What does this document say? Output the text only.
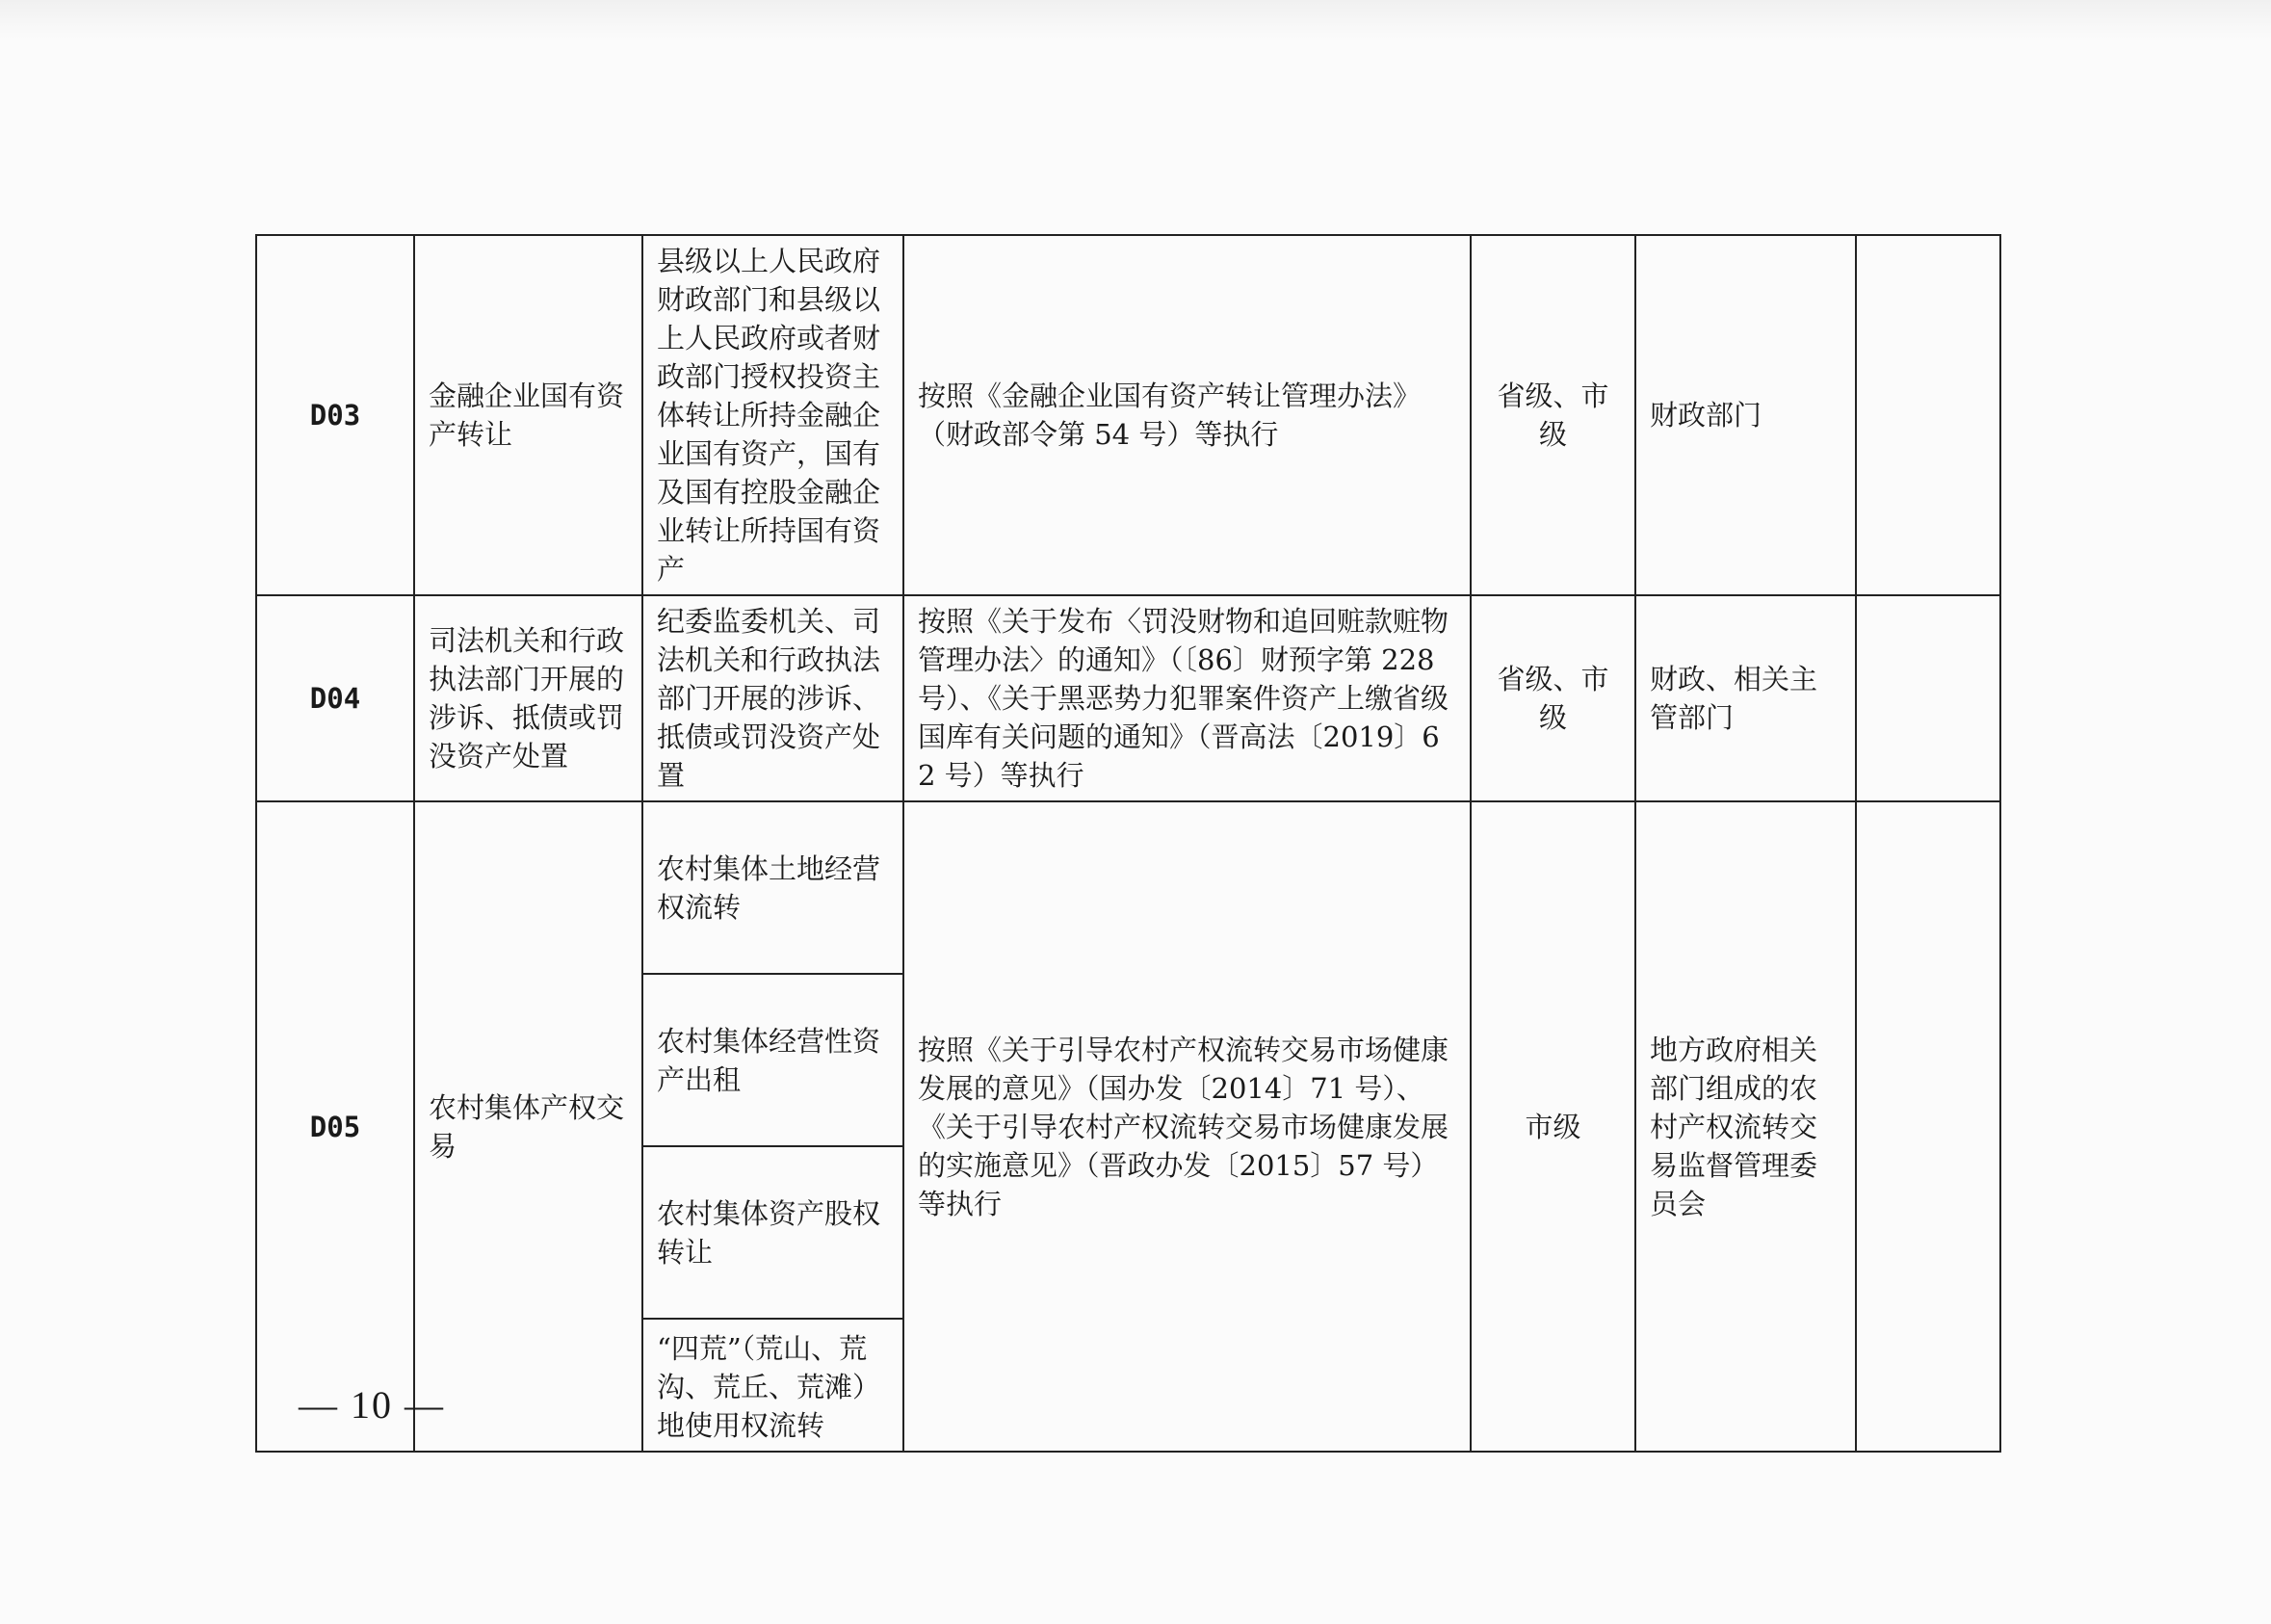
D03	金融企业国有资产转让	县级以上人民政府财政部门和县级以上人民政府或者财政部门授权投资主体转让所持金融企业国有资产，国有及国有控股金融企业转让所持国有资产	按照《金融企业国有资产转让管理办法》（财政部令第 54 号）等执行	省级、市级	财政部门	
D04	司法机关和行政执法部门开展的涉诉、抵债或罚没资产处置	纪委监委机关、司法机关和行政执法部门开展的涉诉、抵债或罚没资产处置	按照《关于发布〈罚没财物和追回赃款赃物管理办法〉的通知》（〔86〕财预字第 228 号）、《关于黑恶势力犯罪案件资产上缴省级国库有关问题的通知》（晋高法〔2019〕62 号）等执行	省级、市级	财政、相关主管部门	
D05	农村集体产权交易	农村集体土地经营权流转	按照《关于引导农村产权流转交易市场健康发展的意见》（国办发〔2014〕71 号）、《关于引导农村产权流转交易市场健康发展的实施意见》（晋政办发〔2015〕57 号）等执行	市级	地方政府相关部门组成的农村产权流转交易监督管理委员会	
		农村集体经营性资产出租				
		农村集体资产股权转让				
		“四荒”（荒山、荒沟、荒丘、荒滩）地使用权流转				
— 10 —
